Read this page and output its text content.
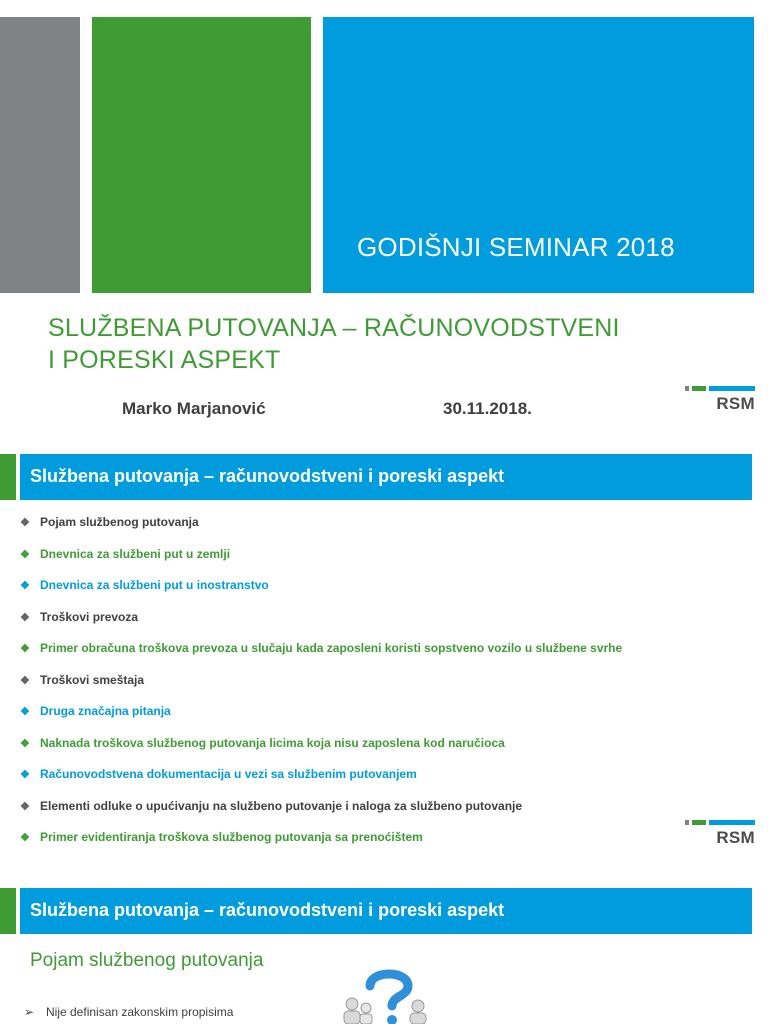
GODIŠNJI SEMINAR 2018
SLUŽBENA PUTOVANJA – RAČUNOVODSTVENI
I PORESKI ASPEKT
Marko Marjanović	30.11.2018.	RSM
Službena putovanja – računovodstveni i poreski aspekt
❖ Pojam službenog putovanja
❖ Dnevnica za službeni put u zemlji
❖ Dnevnica za službeni put u inostranstvo
❖ Troškovi prevoza
❖ Primer obračuna troškova prevoza u slučaju kada zaposleni koristi sopstveno vozilo u službene svrhe
❖ Troškovi smeštaja
❖ Druga značajna pitanja
❖ Naknada troškova službenog putovanja licima koja nisu zaposlena kod naručioca
❖ Računovodstvena dokumentacija u vezi sa službenim putovanjem
❖ Elementi odluke o upućivanju na službeno putovanje i naloga za službeno putovanje
❖ Primer evidentiranja troškova službenog putovanja sa prenoćištem	RSM
Službena putovanja – računovodstveni i poreski aspekt
Pojam službenog putovanja
➢ Nije definisan zakonskim propisima
